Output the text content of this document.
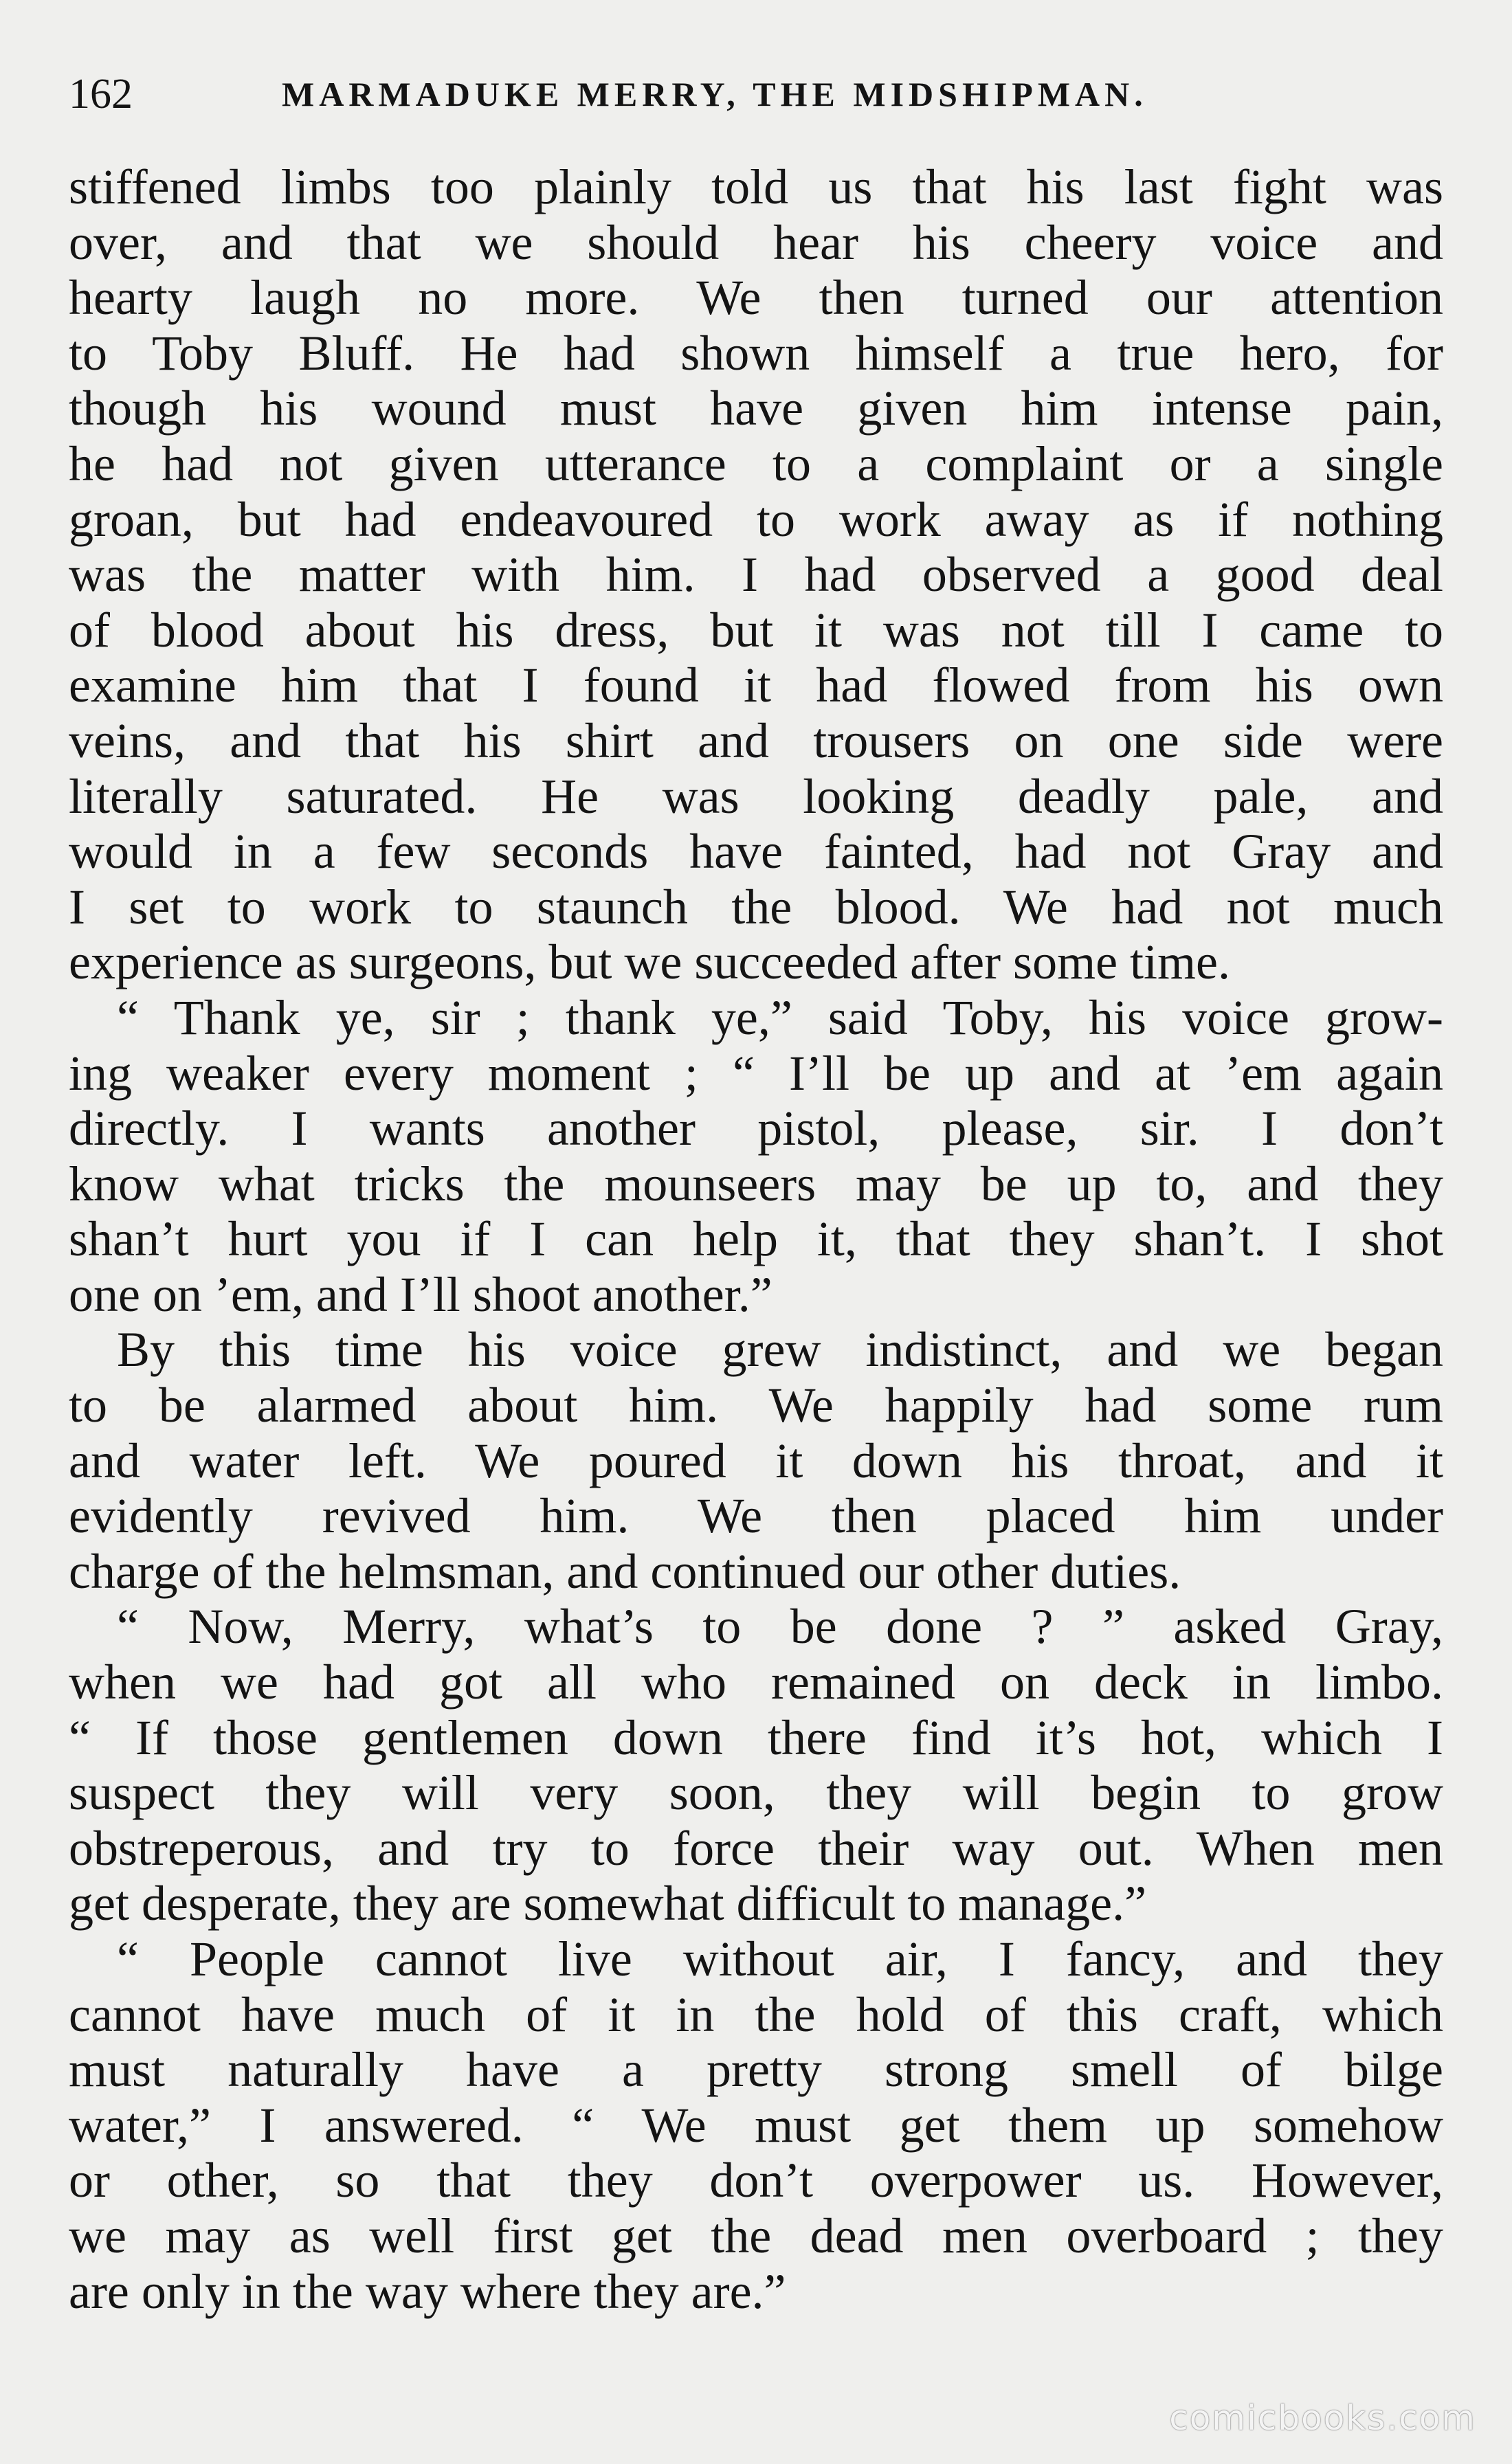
162	MARMADUKE MERRY, THE MIDSHIPMAN.
stiffened limbs too plainly told us that his last fight was
over, and that we should hear his cheery voice and
hearty laugh no more. We then turned our attention
to Toby Bluff. He had shown himself a true hero, for
though his wound must have given him intense pain,
he had not given utterance to a complaint or a single
groan, but had endeavoured to work away as if nothing
was the matter with him. I had observed a good deal
of blood about his dress, but it was not till I came to
examine him that I found it had flowed from his own
veins, and that his shirt and trousers on one side were
literally saturated. He was looking deadly pale, and
would in a few seconds have fainted, had not Gray and
I set to work to staunch the blood. We had not much
experience as surgeons, but we succeeded after some time.
“ Thank ye, sir ; thank ye,” said Toby, his voice grow-
ing weaker every moment ; “ I’ll be up and at ’em again
directly. I wants another pistol, please, sir. I don’t
know what tricks the mounseers may be up to, and they
shan’t hurt you if I can help it, that they shan’t. I shot
one on ’em, and I’ll shoot another.”
By this time his voice grew indistinct, and we began
to be alarmed about him. We happily had some rum
and water left. We poured it down his throat, and it
evidently revived him. We then placed him under
charge of the helmsman, and continued our other duties.
“ Now, Merry, what’s to be done ? ” asked Gray,
when we had got all who remained on deck in limbo.
“ If those gentlemen down there find it’s hot, which I
suspect they will very soon, they will begin to grow
obstreperous, and try to force their way out. When men
get desperate, they are somewhat difficult to manage.”
“ People cannot live without air, I fancy, and they
cannot have much of it in the hold of this craft, which
must naturally have a pretty strong smell of bilge
water,” I answered. “ We must get them up somehow
or other, so that they don’t overpower us. However,
we may as well first get the dead men overboard ; they
are only in the way where they are.”
comicbooks.com
